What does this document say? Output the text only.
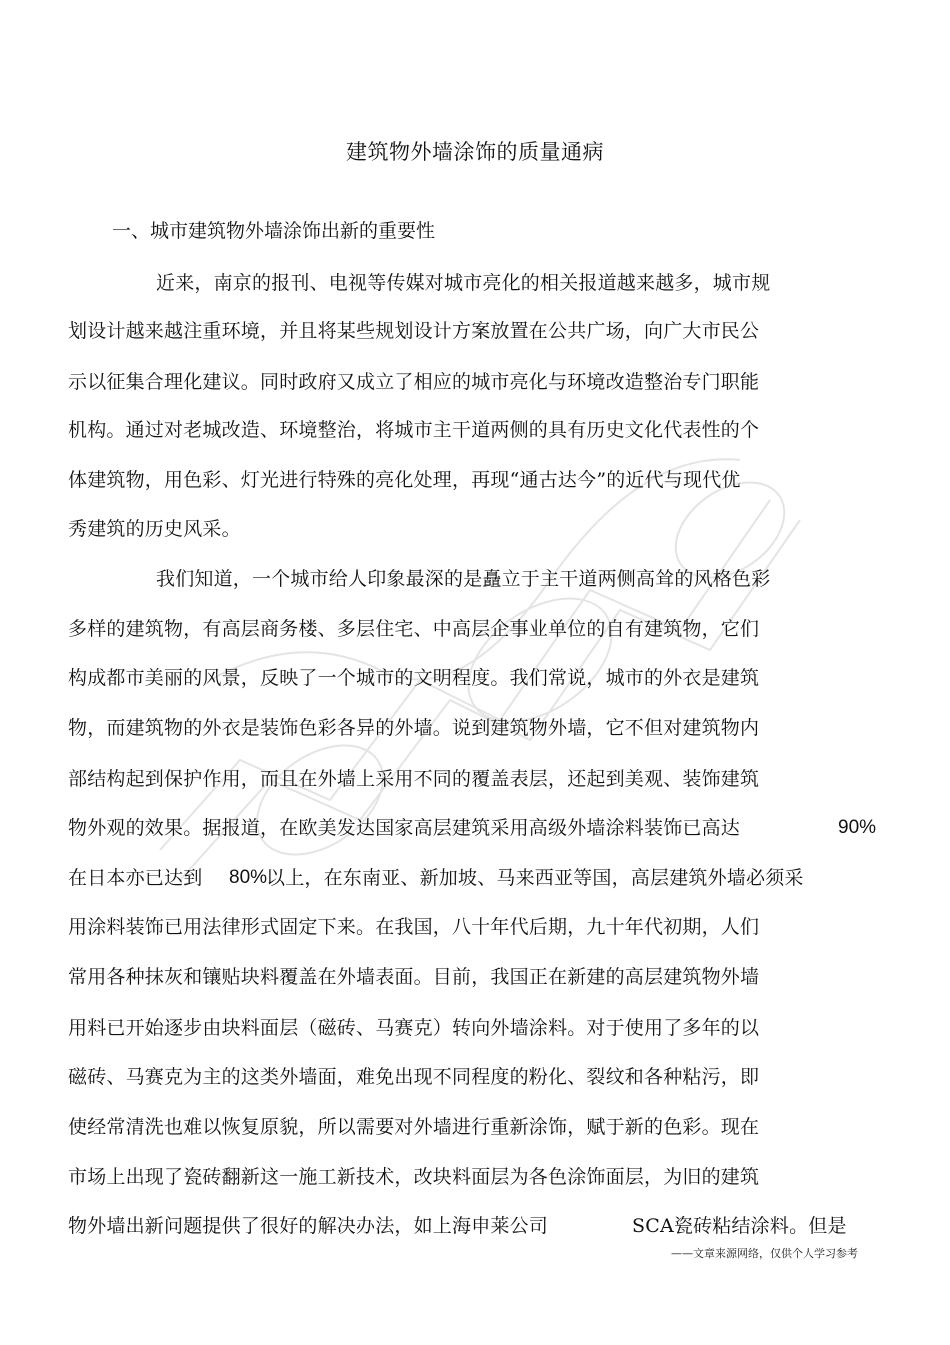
建筑物外墙涂饰的质量通病
一、城市建筑物外墙涂饰出新的重要性
近来，南京的报刊、电视等传媒对城市亮化的相关报道越来越多，城市规
划设计越来越注重环境，并且将某些规划设计方案放置在公共广场，向广大市民公
示以征集合理化建议。同时政府又成立了相应的城市亮化与环境改造整治专门职能
机构。通过对老城改造、环境整治，将城市主干道两侧的具有历史文化代表性的个
体建筑物，用色彩、灯光进行特殊的亮化处理，再现“通古达今”的近代与现代优
秀建筑的历史风采。
我们知道，一个城市给人印象最深的是矗立于主干道两侧高耸的风格色彩
多样的建筑物，有高层商务楼、多层住宅、中高层企事业单位的自有建筑物，它们
构成都市美丽的风景，反映了一个城市的文明程度。我们常说，城市的外衣是建筑
物，而建筑物的外衣是装饰色彩各异的外墙。说到建筑物外墙，它不但对建筑物内
部结构起到保护作用，而且在外墙上采用不同的覆盖表层，还起到美观、装饰建筑
物外观的效果。据报道，在欧美发达国家高层建筑采用高级外墙涂料装饰已高达	90%
在日本亦已达到	80%
以上，在东南亚、新加坡、马来西亚等国，高层建筑外墙必须采
用涂料装饰已用法律形式固定下来。在我国，八十年代后期，九十年代初期，人们
常用各种抹灰和镶贴块料覆盖在外墙表面。目前，我国正在新建的高层建筑物外墙
用料已开始逐步由块料面层（磁砖、马赛克）转向外墙涂料。对于使用了多年的以
磁砖、马赛克为主的这类外墙面，难免出现不同程度的粉化、裂纹和各种粘污，即
使经常清洗也难以恢复原貌，所以需要对外墙进行重新涂饰，赋于新的色彩。现在
市场上出现了瓷砖翻新这一施工新技术，改块料面层为各色涂饰面层，为旧的建筑
物外墙出新问题提供了很好的解决办法，如上海申莱公司	SCA瓷砖粘结涂料。但是
——文章来源网络，仅供个人学习参考
